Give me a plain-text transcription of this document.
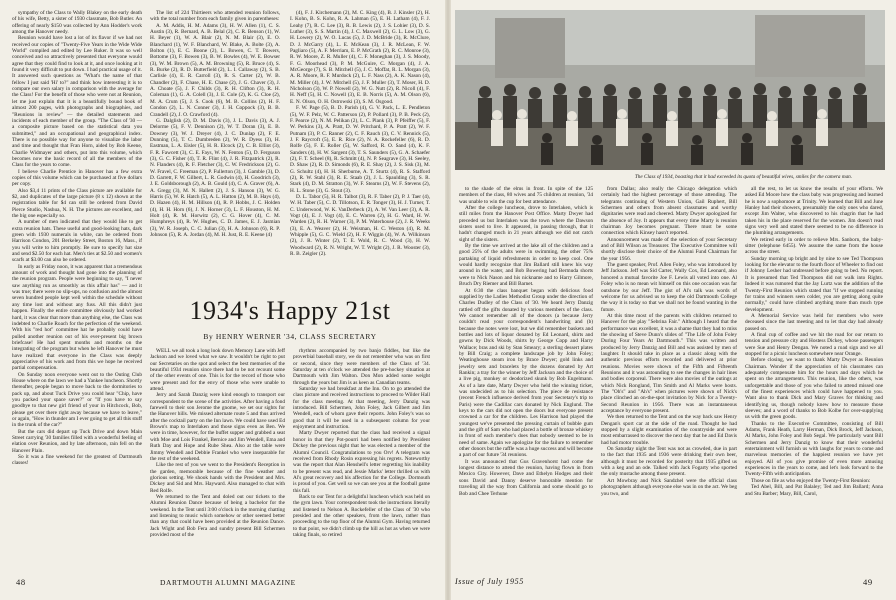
sympathy of the Class to Wally Blakey on the early death of his wife, Betty, a sister of 1930 classmate, Bob Butler. An offering of nearly $150 was collected by Ann Hodder's work among the Hanover needy.

Reunion would have lost a lot of its flavor if we had not received our copies of "Twenty-Five Years in the Wide Wide World" compiled and edited by Lee Ruker. It was so well conceived and so attractively presented that everyone would agree that they could find to look at it, and once looking at it found it very difficult to put down. I had practical usage of it. It answered such questions as "What's the name of that fellow I just said 'Hi' to?" and think how interesting it is to compare our own salary in comparison with the average for the Class! For the benefit of those who were not at Reunion, let me just explain that it is a beautifully bound book of almost 200 pages, with photographs and biographies, and "Reunions in review" — the detailed statements and incidents of each member of the group. "The Class of '30 — a composite picture based on the statistical data you submitted," and an occupational and geographical index. There is no possible way for anyone to visualize the labor and time and thought that Fran Horn, aided by Bob Keene, Charlie Widmayer and others, put into this volume, which becomes now the basic record of all the members of the Class for the years to come.

I believe Charlie Prentice in Hanover has a few extra copies of this volume which can be purchased at five dollars per copy.

Also $3,4 11 prints of the Class picture are available for $2, and duplicates of the large picture (8 x 12) shown at the registration table for $4 can still be ordered from David Pierce Studio, Nashua, N. H. The pictures are excellent, and the big one especially so.

A number of men indicated that they would like to get extra reunion hats. These useful and good-looking hats, dark green with 1930 numerals in white, can be ordered from Harrison Condon, 201 Berkeley Street, Boston 16, Mass., if you will write to him promptly. Be sure to specify hat size and send $2.50 for each hat. Men's ties at $2.50 and women's scarfs at $3.00 can also be ordered.

In early as Friday noon, it was apparent that a tremendous amount of work and thought had gone into the planning of the reunion program. People were beginning to say, "I never saw anything run as smoothly as this affair has" — and it was true; there were no slip-ups, no confusion and the almost seven hundred people kept well within the schedule without any time lost and without any fuss. All this didn't just happen. Finally the entire committee obviously had worked hard, it was clear that more than anything else, the Class was indebted to Charlie Roach for the perfection of the weekend. With his "red hot" committee hat he probably could have pulled another reunion out of his ever-present big brown briefcase! He had spent months and months on the integrating of the program but when he left Hanover he must have realized that everyone in the Class was deeply appreciative of his work and from this we hope he received partial compensation.

On Sunday noon everyone went out to the Outing Club House where on the lawn we had a Yankee luncheon. Shortly thereafter, people began to move back to the dormitories to pack up, and about Tuck Drive you could hear "Chip, have you packed your space saver?" or "If you have to say goodbye to that new girl friend of your in Hitchcock, Bob, please get over there right away because we have to leave," or again, "How in thunder am I ever going to get all this stuff in the trunk of the car?"

But the cars did depart up Tuck Drive and down Main Street carrying '30 families filled with a wonderful feeling of elation over Reunion, and by late afternoon, rain fell on the Hanover Plain.

So it was a fine weekend for the greatest of Dartmouth classes!

The list of 224 Thirtieers who attended reunion follows, with the total number from each family given in parentheses:

A. M. Addis, H. M. Adams (3), H. W. Allen (1), C. S. Austin (3), R. Bernard, A. B. Belal (2), C. R. Benson (1), W. H. Beyer (1), W. A. Blair (2), N. M. Blair (3), E. O. Blanchard (1), W. F. Blanchard, W. Blake, A. Bolte (3), A. Bolton (1), E. C. Boone (2), L. Bowen, C. T. Bowers, Bottome (3), F. Bowen (3), B. W. Bowles (4), W. E. Bowser (3), W. M. Brown (5), A. M. Browning (5), R. Bruce (4), S. R. Burke (2), R. D. Butterfield (2), L. I. Callaway (2), S. B. Carlisle (4), E. R. Carroll (3), R. S. Carter (2), W. B. Chandler (2), F. Chase, H. E. Chase (2), J. G. Chaver (3), J. A. Choate (5), J. F. Childs (3), R. H. Clifton (3), R. H. Coleman (1), G. A. Colell (3), J. E. Cole (2), K. G. Cloe (2), M. A. Crum (5), J. S. Cook (6), M. B. Collins (2), H. F. Condon (2), L. N. Conner (3), J. H. Coppock (3), B. B. Crandell (2), J. O. Crawford (4).

G. Dalglish (2), D. M. Davis (3), J. L. Davis (3), A. J. Delorme (5), F. V. Dennison (2), W. T. Doran (3), E. B. Downey (3), W. J. Dreyer (4), J. C. Dunlap (2), F. E. Dunning (5), T. C. Dumbreden (2), W. R. Dyess (3), H. Eastman, L. A. Eisler (5), H. R. Elcock (2), C. B. Elliot (3), F. R. Fawcett (3), C. E. Fays, W. N. Fenton (5), D. Ferguson (3), G. C. Fisher (4), T. R. Flint (4), J. R. Fitzpatrick (2), R. N. Flanders (4), R. F. Fletcher (3), C. W. Fredrickson (2), G. W. Fravel, C. Freeman (2), P. Fullerton (3), J. Gamble (3), D. D. Garrett, F. W. Gilbert, L. R. Godwin (4), H. Goodrich (3), J. E. Goldsborough (2), A. B. Gould (4), C. A. Graver (6), A. A. Gregg (3), M. N. Hallett (2), J. S. Hanson (3), W. G. Harris (5), W. R. Hatch (5), A. L. Hatton (2), M. B. Hays (4), D. Hazen (4), H. M. Hillson (4), R. P. Hobbs, J. C. Holden (4), H. H. Horn (6), J. N. Horner (3), L. F. Houston, H. M. Holt (4), R. M. Horwitz (2), C. G. Hover (4), C. M. Humphreys (4), R. W. Hughes, C. D. James, E. J. Jasmian (3), W. R. Joseph, C. C. Julian (3), H. A. Johnson (6), R. P. Johnson (5), R. A. Jordan (4), M. H. Just, R. E. Keene (4)

(4), F. J. Kirchemann (2), M. C. King (4), B. J. Kinsler (2), H. I. Kohn, B. S. Kohn, R. A. Lahman (5), E. H. Latham (4), F. J. Leahy (7), R. C. Lee (3), R. B. Lewis (2), J. S. Lohier (3), D. S. Luther (3), S. S. Martin (4), J. C. Maxwell (2), G. L. Low (3), G. H. Lowery (2), W. O. Lucas (5), J. D. McBride (3), R. McClure, D. J. McGarry (4), L. E. McKean (3), J. R. McLean, F. W. Pagliaro (5), A. F. Merriam, E. P. McGrath (2), R. C. Monroe (3), R. W. Moore, Z. R. Muller (4), C. F. Moneghan (3), J. S. Moody, F. G. Moorhead (3), P. M. McGuire, C. Morgan (4), J. A. McGeorge (7), S. B. Mitchell (5), J. C. Moffat, R. L. Morgan (3), A. R. Moore, R. F. Murdock (2), L. F. Nass (2), A. K. Nason (4), M. Miller (4), J. W. Mitchell (5), J. F. Muller (3), T. Moser, H. D. Nicholson (3), W. P. Nowell (2), W. G. Nutt (2), R. Nicoll (4), F. H. Neff (5), H. C. Nowell (3), E. B. Norris (5), A. M. Olson (6), E. N. Olson, O. H. Ostrowski (3), S. M. Osgood.

F. W. Page (5), B. D. Parish (4), G. V. Pack, L. E. Pendleton (5), W. F. Pelz, W. C. Patterson (2), P. Pollard (3), P. B. Peck (2), F. Pearce (2), N. M. Pelikan (2), L. C. Plank (3), P. Pfeiffer (5), F. W. Perkins (3), A. Pratt, D. W. Pritchard, P. A. Pratt (2), W. F. Putnam (3), P. C. Ranner (2), C. F. Rauch (3), C. V. Rennick (5), J. F. Raycroft (5), E. R. Rice (2), N. A. Rockefeller (6), R. D. Rolfe (5), F. E. Roller (5), W. Safford, R. O. Sand (4), K. F. Sanders (4), H. W. Sargent (3), T. S. Saunders (5), G. A. Schaefer (2), F. T. Scheel (8), R. Schmitt (4), N. P. Seagrave (3), H. Seeley, D. Shaw (2), R. D. Simonds (6), R. E. Shay (2), J. S. Sisk (3), M. G. Schultz (4), H. H. Sherburne, A. T. Sturtz (4), R. S. Stafford (2), R. W. Stahl (3), R. E. Staab (2), J. L. Spaulding (3), S. R. Stark (4), D. M. Stratton (3), W. F. Stearns (2), W. F. Stevens (2), H. L. Stone (3), G. Stout (3).

D. L. Tabor (5), H. R. Talbot (3), R. F. Taber (2), P. J. Taer (4), W. H. Taber (5), C. D. Tillotson, E. R. Tonger (3), H. J. Turner, T. C. Underwood, W. K. VanDerbeck (2), A. W. Van Leer (3), A. R. Vogt (4), E. J. Vogt (4), E. C. Warren (2), H. G. Ward, H. W. Warden (2), R. H. Warner (3), P. M. Waterhouse (2), J. R. Weeks (3), E. A. Weaver (2), H. Weisman, H. C. Weston (4), R. M. Whipple (5), G. C. Wield (2), H. F. Wiggin (4), W. A. Wilkinson (2), J. R. Winter (2), T. E. Wold, R. C. Wood (3), H. W. Woodward (2), R. N. Wright, W. T. Wright (2), J. R. Wooster (3), R. B. Zeigler (2).

1934's Happy 21st
By HENRY WERNER '34, CLASS SECRETARY

WELL we all took a long look down Memory Lane with Jeff Jackson and we loved what we saw. It wouldn't be right to put our Secretaries on the spot and select the best memories of the beautiful 1934 reunion since there had to be not recount some of the other events of one. This is for the record of those who were present and for the envy of those who were unable to attend.

Jerry and Sarah Danzig were kind enough to transport our correspondent to the scene of the activities. After having a fond farewell to their son Jerome the gnome, we set our sights for the Hanover hills. We missed alternate route 5 and thus arrived after the cocktail party on the Inn lawn. We could have used Ed Brown's map to Interlaken and those signs even as Ben. We were in time, however, for the buffet supper and grabbed a seat with Moe and Lois Frankel, Bernice and Jim Wendell, Ema and Ruth Day and Hope and Rube Shea. Also at the table were Jimmy Wendell and Debbie Frankel who were inseparable for the rest of the weekend.

Like the rest of you we went to the President's Reception in the garden, memorable because of the fine weather and glorious setting. We shook hands with the President and Mrs. Dickey and Sid and Mrs. Hayward. Also managed to chat with Red Rolfe.

We returned to the Tent and doled out our tickets to the Alumni Reunion Dance because of being a bachelor for the weekend. In the Tent until 3:00 o'clock in the morning chatting and listening to music which somehow or other seemed better than any that could have been provided at the Reunion Dance. Jack Wight and Bob Fera and sundry present Bill Schermen provided most of the

rhythms accompanied by two banjo fiddles, but like the proverbial baseball story, we do not remember who was on first or second, since they were members of the Class of '34. Saturday at ten o'clock we attended the pre-hockey situation at Dartmouth with Jim Walton. Don Mon added some weight through the years but Jim is as keen as Canadian teams.

Saturday we had breakfast at the Inn. On to go attended the class picture and received instructions to proceed to Wilder Hall for the class meeting. At that meeting, Jerry Danzig was introduced. Bill Schermen, John Foley, Jack Gilbert and Jim Wendell, each of whom gave their reports. John Foley's was so good that it will be used in a subsequent column for your enjoyment and instruction.

Marty Dwyer reported that the class had received a signal honor in that they Pot-pourri had been notified by President Dickey the previous night that he was elected a member of the Alumni Council. Congratulations to you Orv! A telegram was received from Rhody Rosin expressing his regrets. Noteworthy was the report that Alan Henshell's letter regretting his inability to be present was read, and Jessie Marks' letter thrilled us with Al's great recovery and his affection for the College. Dormouth is proud of you. Get well so we can see you at the football game this fall.

Back to our Tent for a delightful luncheon which was held on the gym lawn. Your correspondent took the instructions literally and listened to Nelson A. Rockefeller of the Class of '30 who presided and the other speakers, from the lawn, rather than proceeding to the top floor of the Alumni Gym. Having returned to that point, we didn't climb up the hill as hot as when we were taking finals, so retired

48	DARTMOUTH ALUMNI MAGAZINE
The Class of 1934, boasting that it had exceeded its quota of beautiful wives, smiles for the camera man.

to the shade of the elms in front. In spite of the 125 members of the class, 80 wives and 75 children at reunion, '34 was unable to win the cup for best attendance.

After the college luncheon, drove to Interlaken, which is still miles from the Hanover Post Office. Marty Dwyer had preceded us but Interlaken was the town where the Dawson sisters used to live. It appeared, in passing through, that it hadn't changed much in 21 years although we did not catch sight of the sisters.

By the time we arrived at the lake all of the children and a good 25% of the adults were in swimming, the other 75% partaking of liquid refreshments in order to keep cool. One would hardly recognize that Jim Ballard still knew his way around in the water, and Bob Bowering had Bermuda shorts were to Nick Nason and his nickname and to Harry Gilmore, Bruch Dry Riemer and Bill Barnet.

At 6:30 the class banquet began with delicious food supplied by the Ladies Methodist Group under the direction of Charles Dudley of the Class of '30. We heard Jerry Danzig rattled off the gifts donated by various members of the class. We cannot remember all of the donors (a because Jerry couldn't read your correspondent's handwriting and (b) because the notes were lost, but we did remember baskets and bottles and lots of liquor donated by Ed Leonard, shirts and gowns by Dick Woods, shirts by George Copp and Harry Wallace; bras and ski by Stan Smeary; a sterling dessert plates by Bill Craig; a complete landscape job by John Foley; Weatinghouse steam iron by Brace Dwyer; gold links and jewelry sets and bracelets by the dozens donated by Art Rankin; a tray for the winner by Jeff Jackson and the choice of a live pig, monkey or deodorized skunk by Bob Engelmann. As of a late date, Marty Dwyer who held the winning ticket, was undecided as to his selection. The piece de resistance (recent French influence derived from your Secretary's trip to Paris) were the Cadillac cars donated by Nick Englund. The keys to the cars did not open the doors but everyone present crowned a car for the children. Les Harrison had played the youngest we've presented the pressing curtain of bubble gum and the gift of Sam who had placed a bottle of bronze whiskey in front of each member's does that nobody seemed to be in need of same. Again we apologize for the failure to remember other donors but the raffle was a huge success and will become a part of our future '34 reunions.

It was announced that Gus Gravenhorst had come the longest distance to attend the reunion, having flown in from Mexico City. However, Dave and Ethelyn Hodges and their sons David and Danny deserve honorable mention for traveling all the way from California and some should go to Bob and Chee Terhune

from Dallas; also really the Chicago delegation which certainly had the highest percentage of those attending. The telegrams continuing of Western Union, Gail Ruphert, Bill Schermen and others from absent classmates and worthy dignitaries were read and cheered. Marty Dwyer apologized for the absence of Joy. It appears that every time Marty is reunion chairman Joy becomes pregnant. There must be some connection which Kinsey hasn't reported.

Announcement was made of the selection of your Secretary and of Bill Wilson as Treasurer. The Executive Committee will shortly disclose their choice of the Alumni Fund Chairman for the year 1956.

The guest speaker, Prof. Allen Foley, who was introduced by Jeff Jackson. Jeff was Sid Carter, Wally Cox, Ed Leonard, also honored a mutual favorite Joe F. Lewis all voted into one. Al Foley who is no mean wit himself on this one occasion was far outshone by our Jeff. The gist of Al's talk was words of welcome for us advised us to keep the old Dartmouth College the way it is today so that we shall not be found wanting in the future.

At this time most of the parents with children returned to Hanover for the play "Sebrina Fair." Although I heard that the performance was excellent, it was a shame that they had to miss the showing of Steve Dunn's slides of "The Life of John Foley During Four Years At Dartmouth." This was written and produced by Jerry Danzig and Bill and was assisted by men of laughter. It should take in place as a classic along with the authentic previous efforts recorded and delivered at prior reunions. Movies were shown of the Fifth and Fifteenth Reunions and it was astounding to see the changes in hair lines and bodies corporeal. There were also movies of the outings at which Nick Rongland, Tim Smith and Al Marks were hosts. The "Oh's" and "Ah's" when pictures were shown of Nick's place clinched an on-the-spot invitation by Nick for a Twenty-Second Reunion in 1956. There was an instantaneous acceptance by everyone present.

We then returned to the Tent and on the way back saw Henry Dengan's sport car at the side of the road. Thought he had stopped by a slight examination of the countryside and were most embarrassed to discover the next day that he and Ed Davis had had motor trouble.

On Saturday night the Tent was not as crowded, due in part to the fact that 1935 and 1936 were drinking their own beer, although it must be recorded for posterity that 1935 gifted us with a keg and an ode. Talked with Jack Fogarty who sported the only mustache among those present.

Art Mowbray and Nick Sandzhel were the official class photographers although everyone else was in on the act. We beg you two, and

all the rest, to let us know the results of your efforts. We asked Ed Moore how the class baby was progressing and learned he is now a sophomore at Trinity. We learned that Bill and June Hanley had their showers, presumably the only ones who dared, except Jim Walter, who discovered to his chagrin that he had taken his in the place reserved for the women. Jim doesn't read signs very well and stated there seemed to be no difference in the plumbing arrangements.

We retired early in order to relieve Mrs. Sanborn, the baby-sitter (telephone 6455). We assume the same from the house across the street.

Sunday morning up bright and by nine to see Ted Thompson looking for the elevator to the fourth floor of Wheeler to find out if Johnny Lesher had undressed before going to bed. No report. It is presumed that Ted Thompson did not walk into Rights. Indeed it was rumored that the Jay Lurtz was the addition of the Twenty-First Reunion which stated that "if we stopped running for trains and winners seen colder, you are getting along quite normally," could have climbed anything more than much type development.

A Memorial Service was held for members who were deceased since the last meeting and to let that day had already passed on.

A final cup of coffee and we hit the road for our return to tension and pressure city and Hostess Dickey, whose passengers were Sue and Henry Dengan. We noted a road sign and we all stopped for a picnic luncheon somewhere near Orange.

Before closing, we want to thank Marty Dwyer as Reunion Chairman. Wonder if the appreciation of his classmates can adequately compensate him for the hours and days which he spent on the arrangements. This reunion, like the others, was unforgettable and those of you who failed to attend missed one of the finest experiences which could have happened to you. Want also to thank Dick and Mary Graves for thinking and identifying us, though nobody knew how to measure those sleeves; and a word of thanks to Bob Kolbe for over-supplying us with the green goods.

Thanks to the Executive Committee, consisting of Bill Adams, Frank Heath, Larry Herman, Dick Brock, Jeff Jackson, Al Marks, John Foley and Bob Segal. We particularly want Bill Schermen and Jerry Danzig to know that their wonderful entertainment will furnish us with laughs for years to come and marvelous memories of the happiest reunion we have yet enjoyed. All of you give promise of even more amusing experiences in the years to come, and let's look forward to the Twenty-Fifth with anticipation.

Those on file as who enjoyed the Twenty-First Reunion:

Ted Abel, Bill, and Pat Balaley; Ted and Jim Ballard; Anna and Stu Barber; Mary, Bill, Carol,

Issue of July 1955	49
